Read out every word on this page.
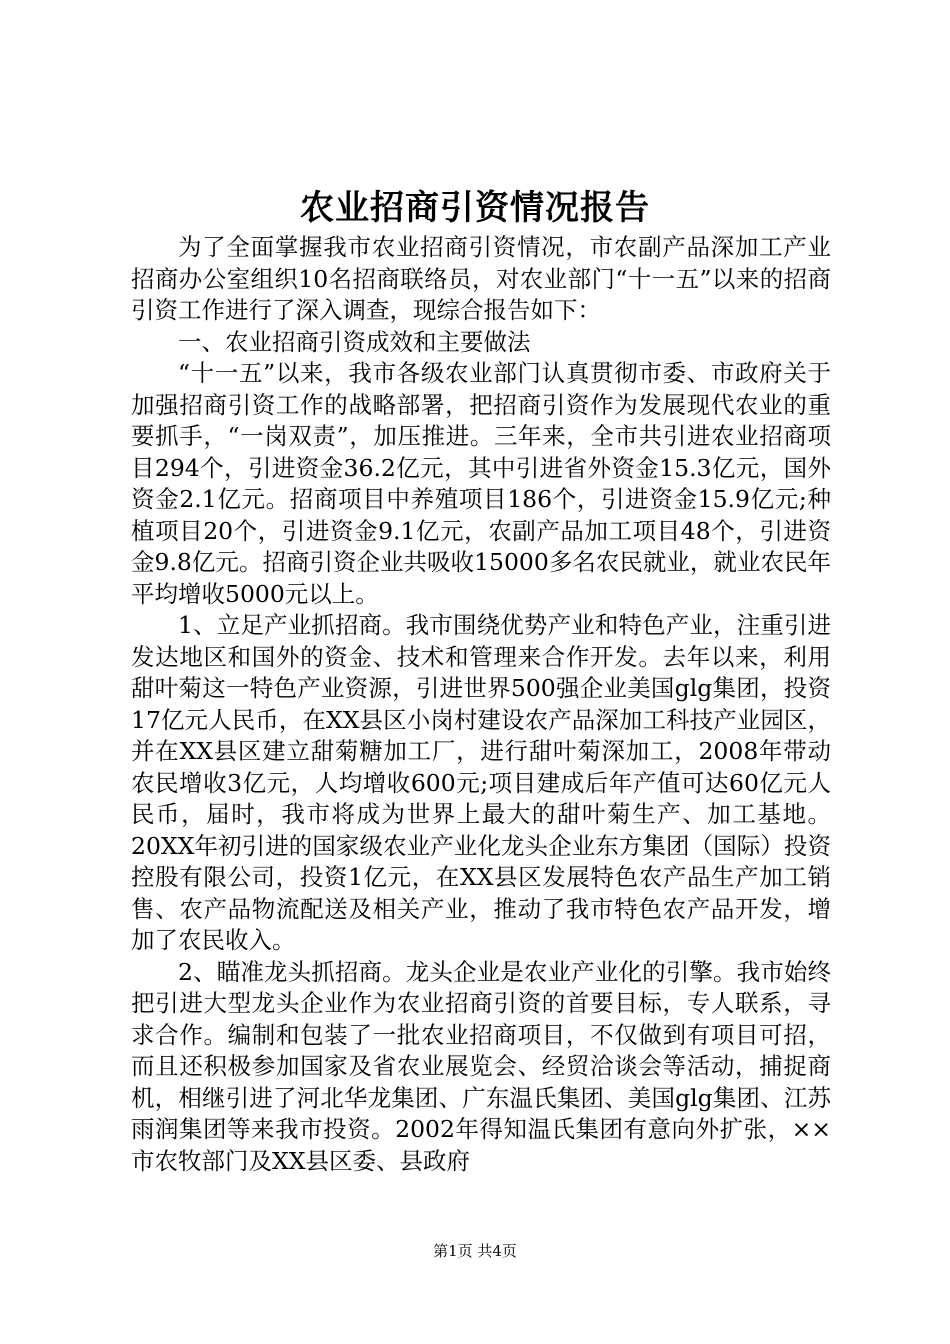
农业招商引资情况报告

为了全面掌握我市农业招商引资情况，市农副产品深加工产业招商办公室组织10名招商联络员，对农业部门“十一五”以来的招商引资工作进行了深入调查，现综合报告如下：

一、农业招商引资成效和主要做法

“十一五”以来，我市各级农业部门认真贯彻市委、市政府关于加强招商引资工作的战略部署，把招商引资作为发展现代农业的重要抓手，“一岗双责”，加压推进。三年来，全市共引进农业招商项目294个，引进资金36.2亿元，其中引进省外资金15.3亿元，国外资金2.1亿元。招商项目中养殖项目186个，引进资金15.9亿元;种植项目20个，引进资金9.1亿元，农副产品加工项目48个，引进资金9.8亿元。招商引资企业共吸收15000多名农民就业，就业农民年平均增收5000元以上。

1、立足产业抓招商。我市围绕优势产业和特色产业，注重引进发达地区和国外的资金、技术和管理来合作开发。去年以来，利用甜叶菊这一特色产业资源，引进世界500强企业美国glg集团，投资17亿元人民币，在XX县区小岗村建设农产品深加工科技产业园区，并在XX县区建立甜菊糖加工厂，进行甜叶菊深加工，2008年带动农民增收3亿元，人均增收600元;项目建成后年产值可达60亿元人民币，届时，我市将成为世界上最大的甜叶菊生产、加工基地。20XX年初引进的国家级农业产业化龙头企业东方集团（国际）投资控股有限公司，投资1亿元，在XX县区发展特色农产品生产加工销售、农产品物流配送及相关产业，推动了我市特色农产品开发，增加了农民收入。

2、瞄准龙头抓招商。龙头企业是农业产业化的引擎。我市始终把引进大型龙头企业作为农业招商引资的首要目标，专人联系，寻求合作。编制和包装了一批农业招商项目，不仅做到有项目可招，而且还积极参加国家及省农业展览会、经贸洽谈会等活动，捕捉商机，相继引进了河北华龙集团、广东温氏集团、美国glg集团、江苏雨润集团等来我市投资。2002年得知温氏集团有意向外扩张，××市农牧部门及XX县区委、县政府

第1页 共4页
